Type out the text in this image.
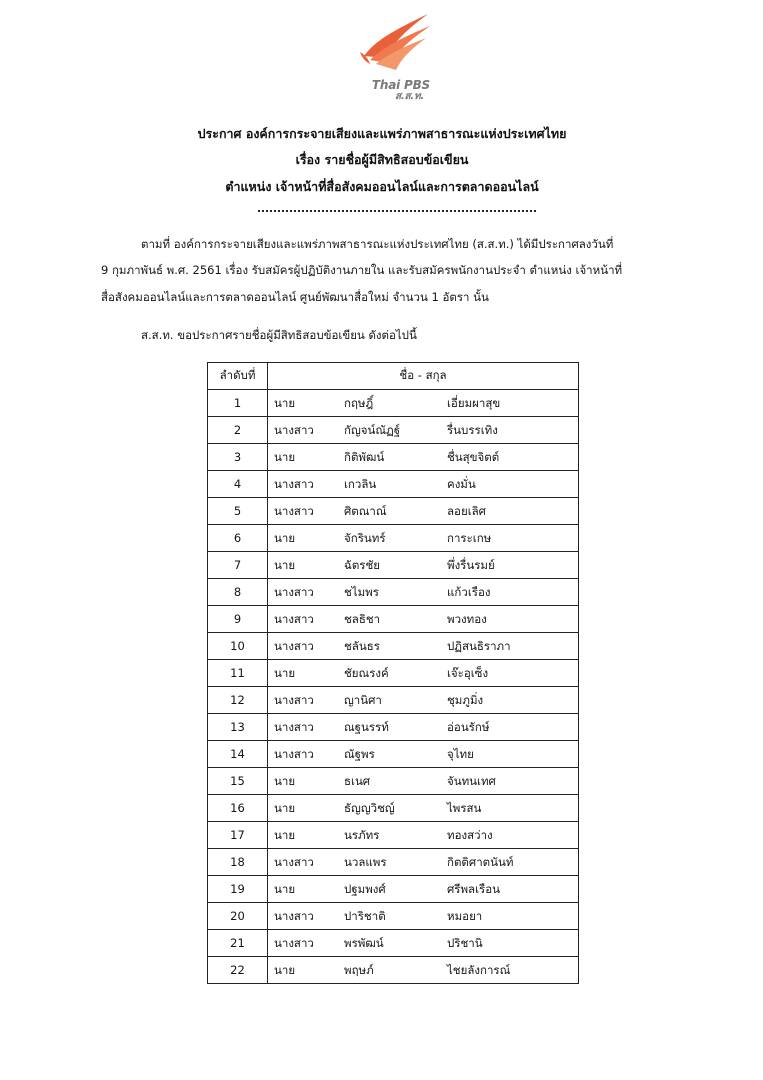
Thai PBS
ส.ส.ท.
ประกาศ องค์การกระจายเสียงและแพร่ภาพสาธารณะแห่งประเทศไทย
เรื่อง รายชื่อผู้มีสิทธิสอบข้อเขียน
ตำแหน่ง เจ้าหน้าที่สื่อสังคมออนไลน์และการตลาดออนไลน์
ตามที่ องค์การกระจายเสียงและแพร่ภาพสาธารณะแห่งประเทศไทย (ส.ส.ท.) ได้มีประกาศลงวันที่
9 กุมภาพันธ์ พ.ศ. 2561 เรื่อง รับสมัครผู้ปฏิบัติงานภายใน และรับสมัครพนักงานประจำ ตำแหน่ง เจ้าหน้าที่
สื่อสังคมออนไลน์และการตลาดออนไลน์ ศูนย์พัฒนาสื่อใหม่ จำนวน 1 อัตรา นั้น
ส.ส.ท. ขอประกาศรายชื่อผู้มีสิทธิสอบข้อเขียน ดังต่อไปนี้
ลำดับที่	ชื่อ - สกุล
1	นาย กฤษฎิ์ เอี่ยมผาสุข

2	นางสาว กัญจน์ณัฏฐ์ รื่นบรรเทิง

3	นาย กิติพัฒน์ ชื่นสุขจิตต์

4	นางสาว เกวลิน คงมั่น

5	นางสาว ศิตณาณ์ ลอยเลิศ

6	นาย จักรินทร์ การะเกษ

7	นาย ฉัตรชัย พึ่งรื่นรมย์

8	นางสาว ชไมพร แก้วเรือง

9	นางสาว ชลธิชา พวงทอง

10	นางสาว ชลันธร ปฏิสนธิราภา

11	นาย ชัยณรงค์ เจ๊ะอุเซ็ง

12	นางสาว ญานิศา ชุมภูมิ่ง

13	นางสาว ณฐนรรท์ อ่อนรักษ์

14	นางสาว ณัฐพร จุไทย

15	นาย ธเนศ จันทนเทศ

16	นาย ธัญญวิชญ์ ไพรสน

17	นาย นรภัทร ทองสว่าง

18	นางสาว นวลแพร กิตติศาตนันท์

19	นาย ปฐมพงศ์ ศรีพลเรือน

20	นางสาว ปาริชาติ หมอยา

21	นางสาว พรพัฒน์ ปริชานิ

22	นาย พฤษภ์ ไชยลังการณ์
